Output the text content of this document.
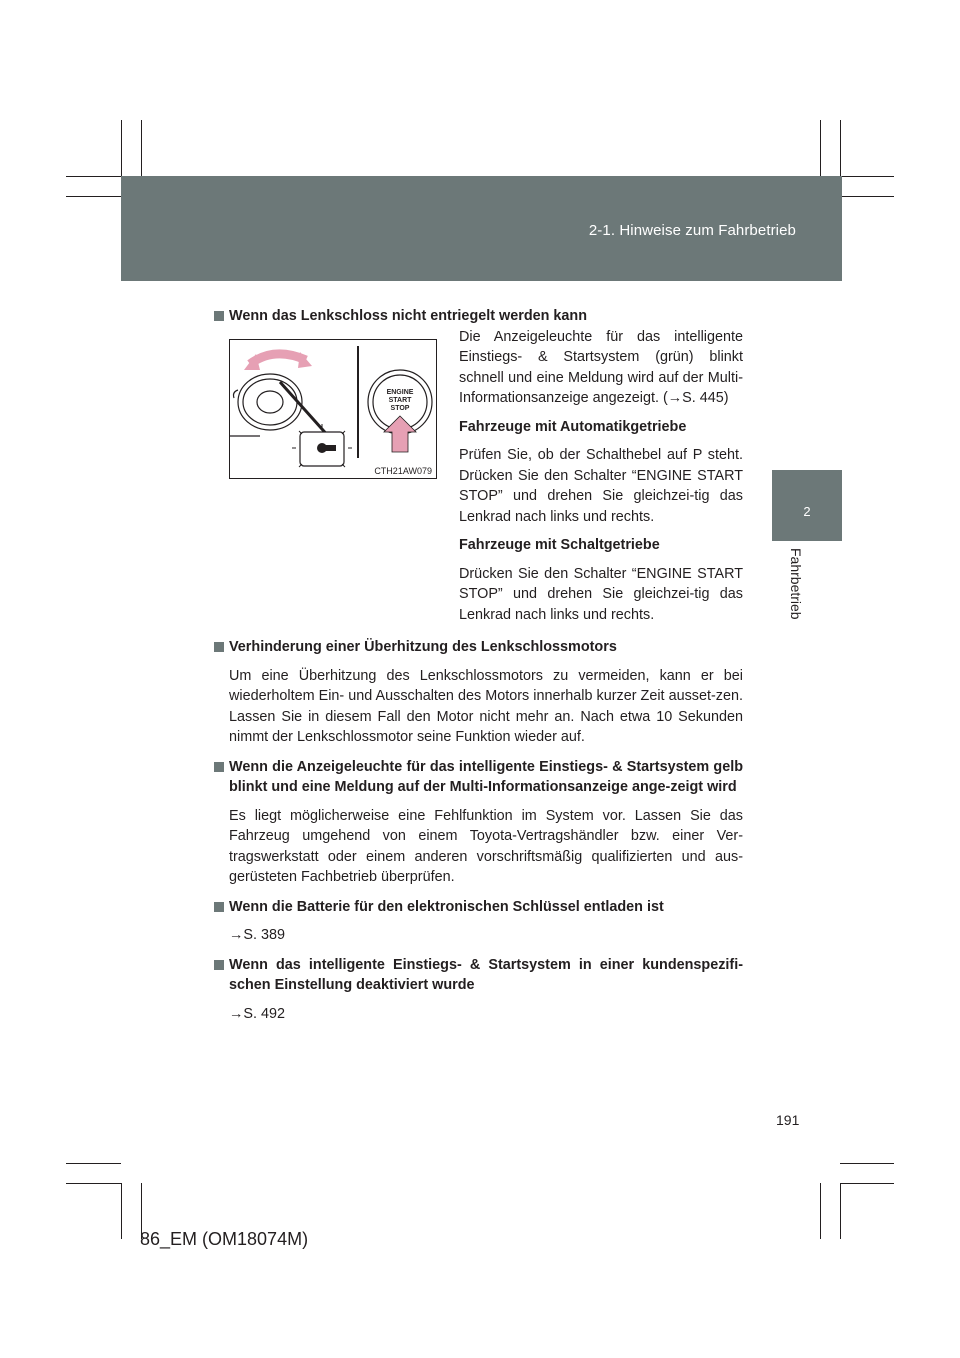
2-1. Hinweise zum Fahrbetrieb
2
Fahrbetrieb
Wenn das Lenkschloss nicht entriegelt werden kann
ENGINE
START
STOP
CTH21AW079
Die Anzeigeleuchte für das intelligente Einstiegs- & Startsystem (grün) blinkt schnell und eine Meldung wird auf der Multi-Informationsanzeige angezeigt. (→S. 445)
Fahrzeuge mit Automatikgetriebe
Prüfen Sie, ob der Schalthebel auf P steht. Drücken Sie den Schalter “ENGINE START STOP” und drehen Sie gleichzei-tig das Lenkrad nach links und rechts.
Fahrzeuge mit Schaltgetriebe
Drücken Sie den Schalter “ENGINE START STOP” und drehen Sie gleichzei-tig das Lenkrad nach links und rechts.
Verhinderung einer Überhitzung des Lenkschlossmotors
Um eine Überhitzung des Lenkschlossmotors zu vermeiden, kann er bei wiederholtem Ein- und Ausschalten des Motors innerhalb kurzer Zeit ausset-zen. Lassen Sie in diesem Fall den Motor nicht mehr an. Nach etwa 10 Sekunden nimmt der Lenkschlossmotor seine Funktion wieder auf.
Wenn die Anzeigeleuchte für das intelligente Einstiegs- & Startsystem gelb blinkt und eine Meldung auf der Multi-Informationsanzeige ange-zeigt wird
Es liegt möglicherweise eine Fehlfunktion im System vor. Lassen Sie das Fahrzeug umgehend von einem Toyota-Vertragshändler bzw. einer Ver-tragswerkstatt oder einem anderen vorschriftsmäßig qualifizierten und aus-gerüsteten Fachbetrieb überprüfen.
Wenn die Batterie für den elektronischen Schlüssel entladen ist
→S. 389
Wenn das intelligente Einstiegs- & Startsystem in einer kundenspezifi-schen Einstellung deaktiviert wurde
→S. 492
191
86_EM (OM18074M)
